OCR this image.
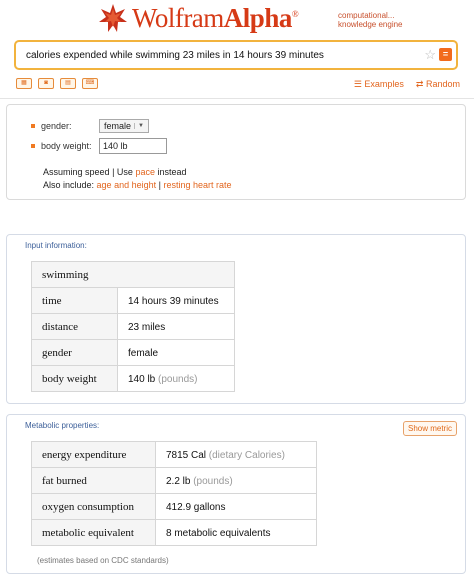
WolframAlpha®	computational...
knowledge engine
calories expended while swimming 23 miles in 14 hours 39 minutes	☆ =
▦	◙	▤	⌨	☰ Examples ⇄ Random
gender:	female	▼
body weight:	140 lb
Assuming speed | Use pace instead
Also include: age and height | resting heart rate
Input information:
swimming	
time	14 hours 39 minutes
distance	23 miles
gender	female
body weight	140 lb (pounds)
Metabolic properties:	Show metric
energy expenditure	7815 Cal (dietary Calories)
fat burned	2.2 lb (pounds)
oxygen consumption	412.9 gallons
metabolic equivalent	8 metabolic equivalents
(estimates based on CDC standards)
